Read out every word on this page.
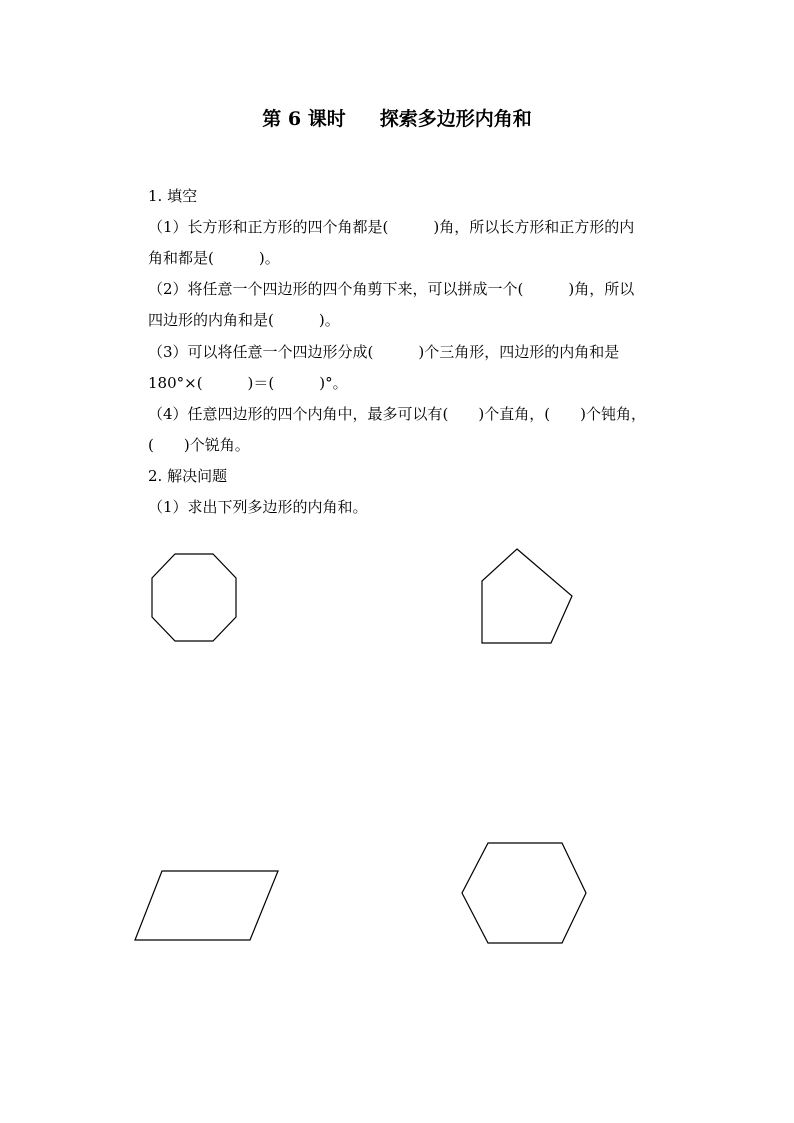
第 6 课时 探索多边形内角和
1. 填空
（1）长方形和正方形的四个角都是(　　　)角，所以长方形和正方形的内
角和都是(　　　)。
（2）将任意一个四边形的四个角剪下来，可以拼成一个(　　　)角，所以
四边形的内角和是(　　　)。
（3）可以将任意一个四边形分成(　　　)个三角形，四边形的内角和是
180°×(　　　)＝(　　　)°。
（4）任意四边形的四个内角中，最多可以有(　　)个直角，(　　)个钝角，
(　　)个锐角。
2. 解决问题
（1）求出下列多边形的内角和。
